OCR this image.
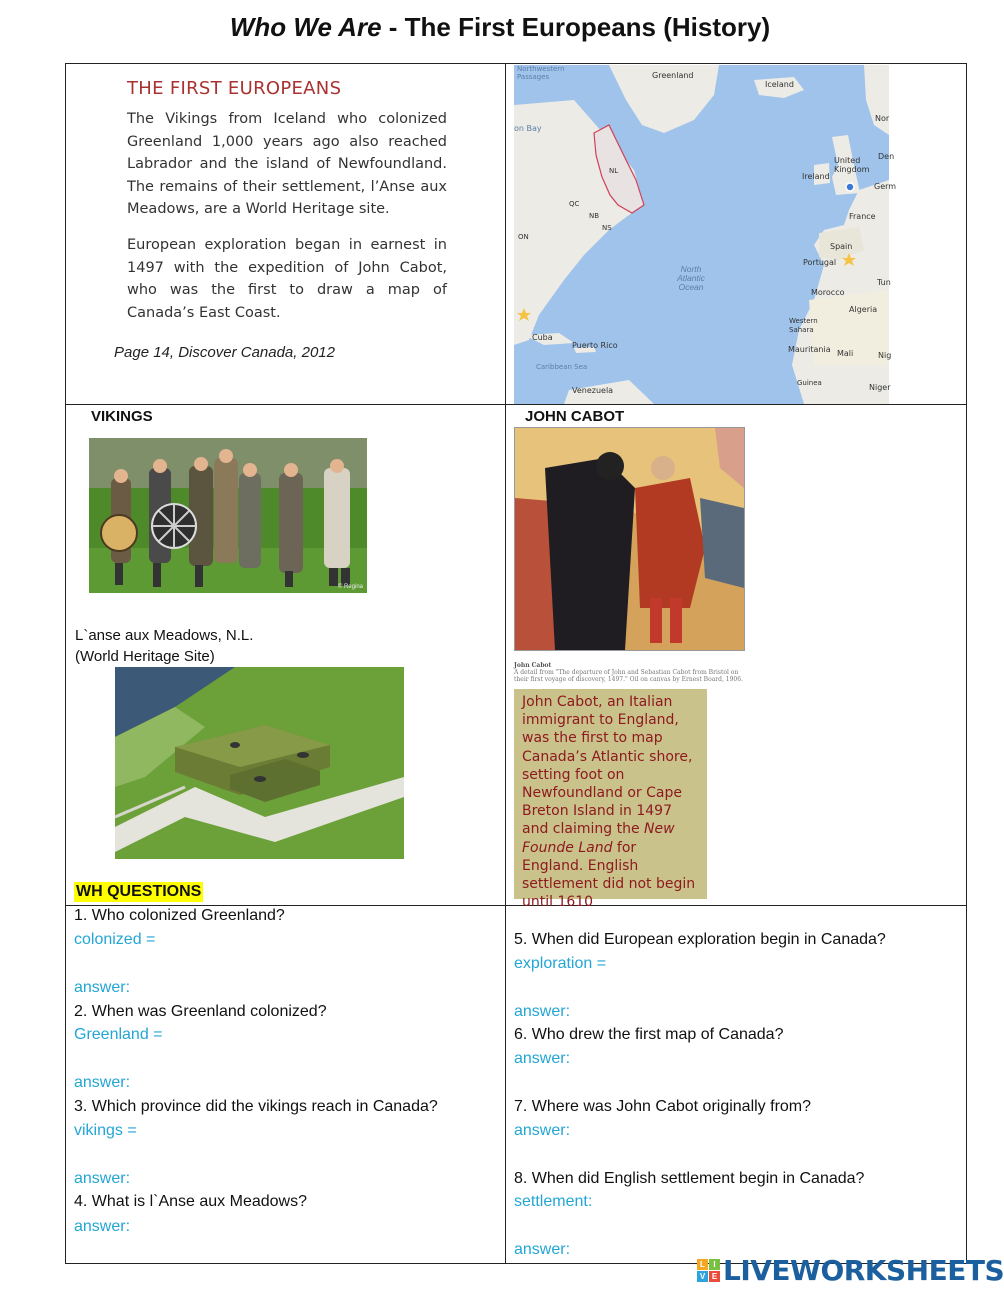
Who We Are - The First Europeans (History)
THE FIRST EUROPEANS
The Vikings from Iceland who colonized Greenland 1,000 years ago also reached Labrador and the island of Newfoundland. The remains of their settlement, l’Anse aux Meadows, are a World Heritage site.
European exploration began in earnest in 1497 with the expedition of John Cabot, who was the first to draw a map of Canada’s East Coast.
Page 14, Discover Canada, 2012
Northwestern Passages	Greenland
Iceland
Nor
Den
United Kingdom
Ireland
Germ
France
Spain
Portugal
Morocco
Algeria
Tun
Western Sahara
Mauritania Mali	Nig
Niger
Guinea
on Bay
NL
QC
NB
NS
ON
Cuba
Puerto Rico
Caribbean Sea
Venezuela
North
Atlantic
Ocean
VIKINGS
© Regina
L`anse aux Meadows, N.L.
(World Heritage Site)
JOHN CABOT
John Cabot
A detail from "The departure of John and Sebastian Cabot from Bristol on their first voyage of discovery, 1497." Oil on canvas by Ernest Board, 1906.
John Cabot, an Italian immigrant to England, was the first to map Canada’s Atlantic shore, setting foot on Newfoundland or Cape Breton Island in 1497 and claiming the New Founde Land for England. English settlement did not begin until 1610
WH QUESTIONS
1. Who colonized Greenland?
colonized =
answer:
2. When was Greenland colonized?
Greenland =
answer:
3. Which province did the vikings reach in Canada?
vikings =
answer:
4. What is l`Anse aux Meadows?
answer:
5. When did European exploration begin in Canada?
exploration =
answer:
6. Who drew the first map of Canada?
answer:
7. Where was John Cabot originally from?
answer:
8. When did English settlement begin in Canada?
settlement:
answer:
L	I
V E LIVEWORKSHEETS
